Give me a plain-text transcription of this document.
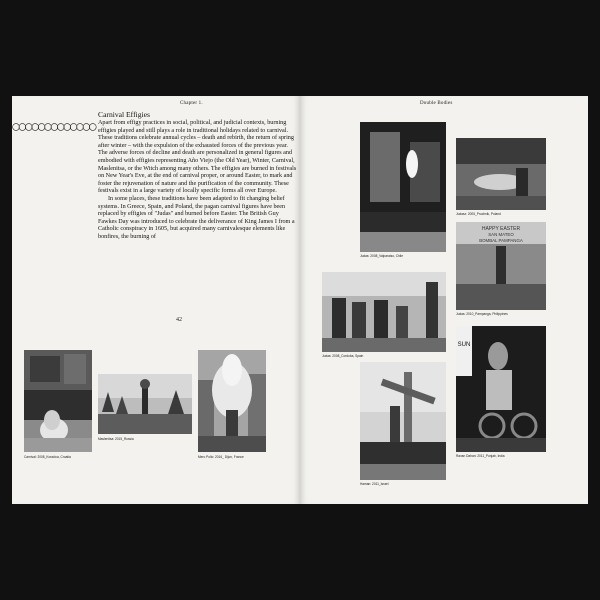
Chapter 1.
Carnival Effigies

Apart from effigy practices in social, political, and judicial contexts, burning effigies played and still plays a role in traditional holidays related to carnival. These traditions celebrate annual cycles – death and rebirth, the return of spring after winter – with the expulsion of the exhausted forces of the previous year. The adverse forces of decline and death are personalized in general figures and embodied with effigies representing Año Viejo (the Old Year), Winter, Carnival, Maslenitsa, or the Witch among many others. The effigies are burned in festivals on New Year's Eve, at the end of carnival proper, or around Easter, to mark and foster the rejuvenation of nature and the purification of the community. These festivals exist in a large variety of locally specific forms all over Europe.

In some places, these traditions have been adapted to fit changing belief systems. In Greece, Spain, and Poland, the pagan carnival figures have been replaced by effigies of "Judas" and burned before Easter. The British Guy Fawkes Day was introduced to celebrate the deliverance of King James I from a Catholic conspiracy in 1605, but acquired many carnivalesque elements like bonfires, the burning of

42
Carnival: 2008_Koraćica, Croatia
Maslenitsa: 2015_Russia
Mero Pollo: 2016_ Dijon, France
Double Bodies
Judas: 2008_Valparaiso, Chile
Judasz: 2005_Pruchnik, Poland
Judas: 2008_Cordoba, Spain
HAPPY EASTER
SAN MATEO
BOMBAL PAMPANGA
Judas: 2010_Pampanga, Philippines
Haman: 2011_Israel
SUN
Ravan Dahan: 2011_Punjab, India
